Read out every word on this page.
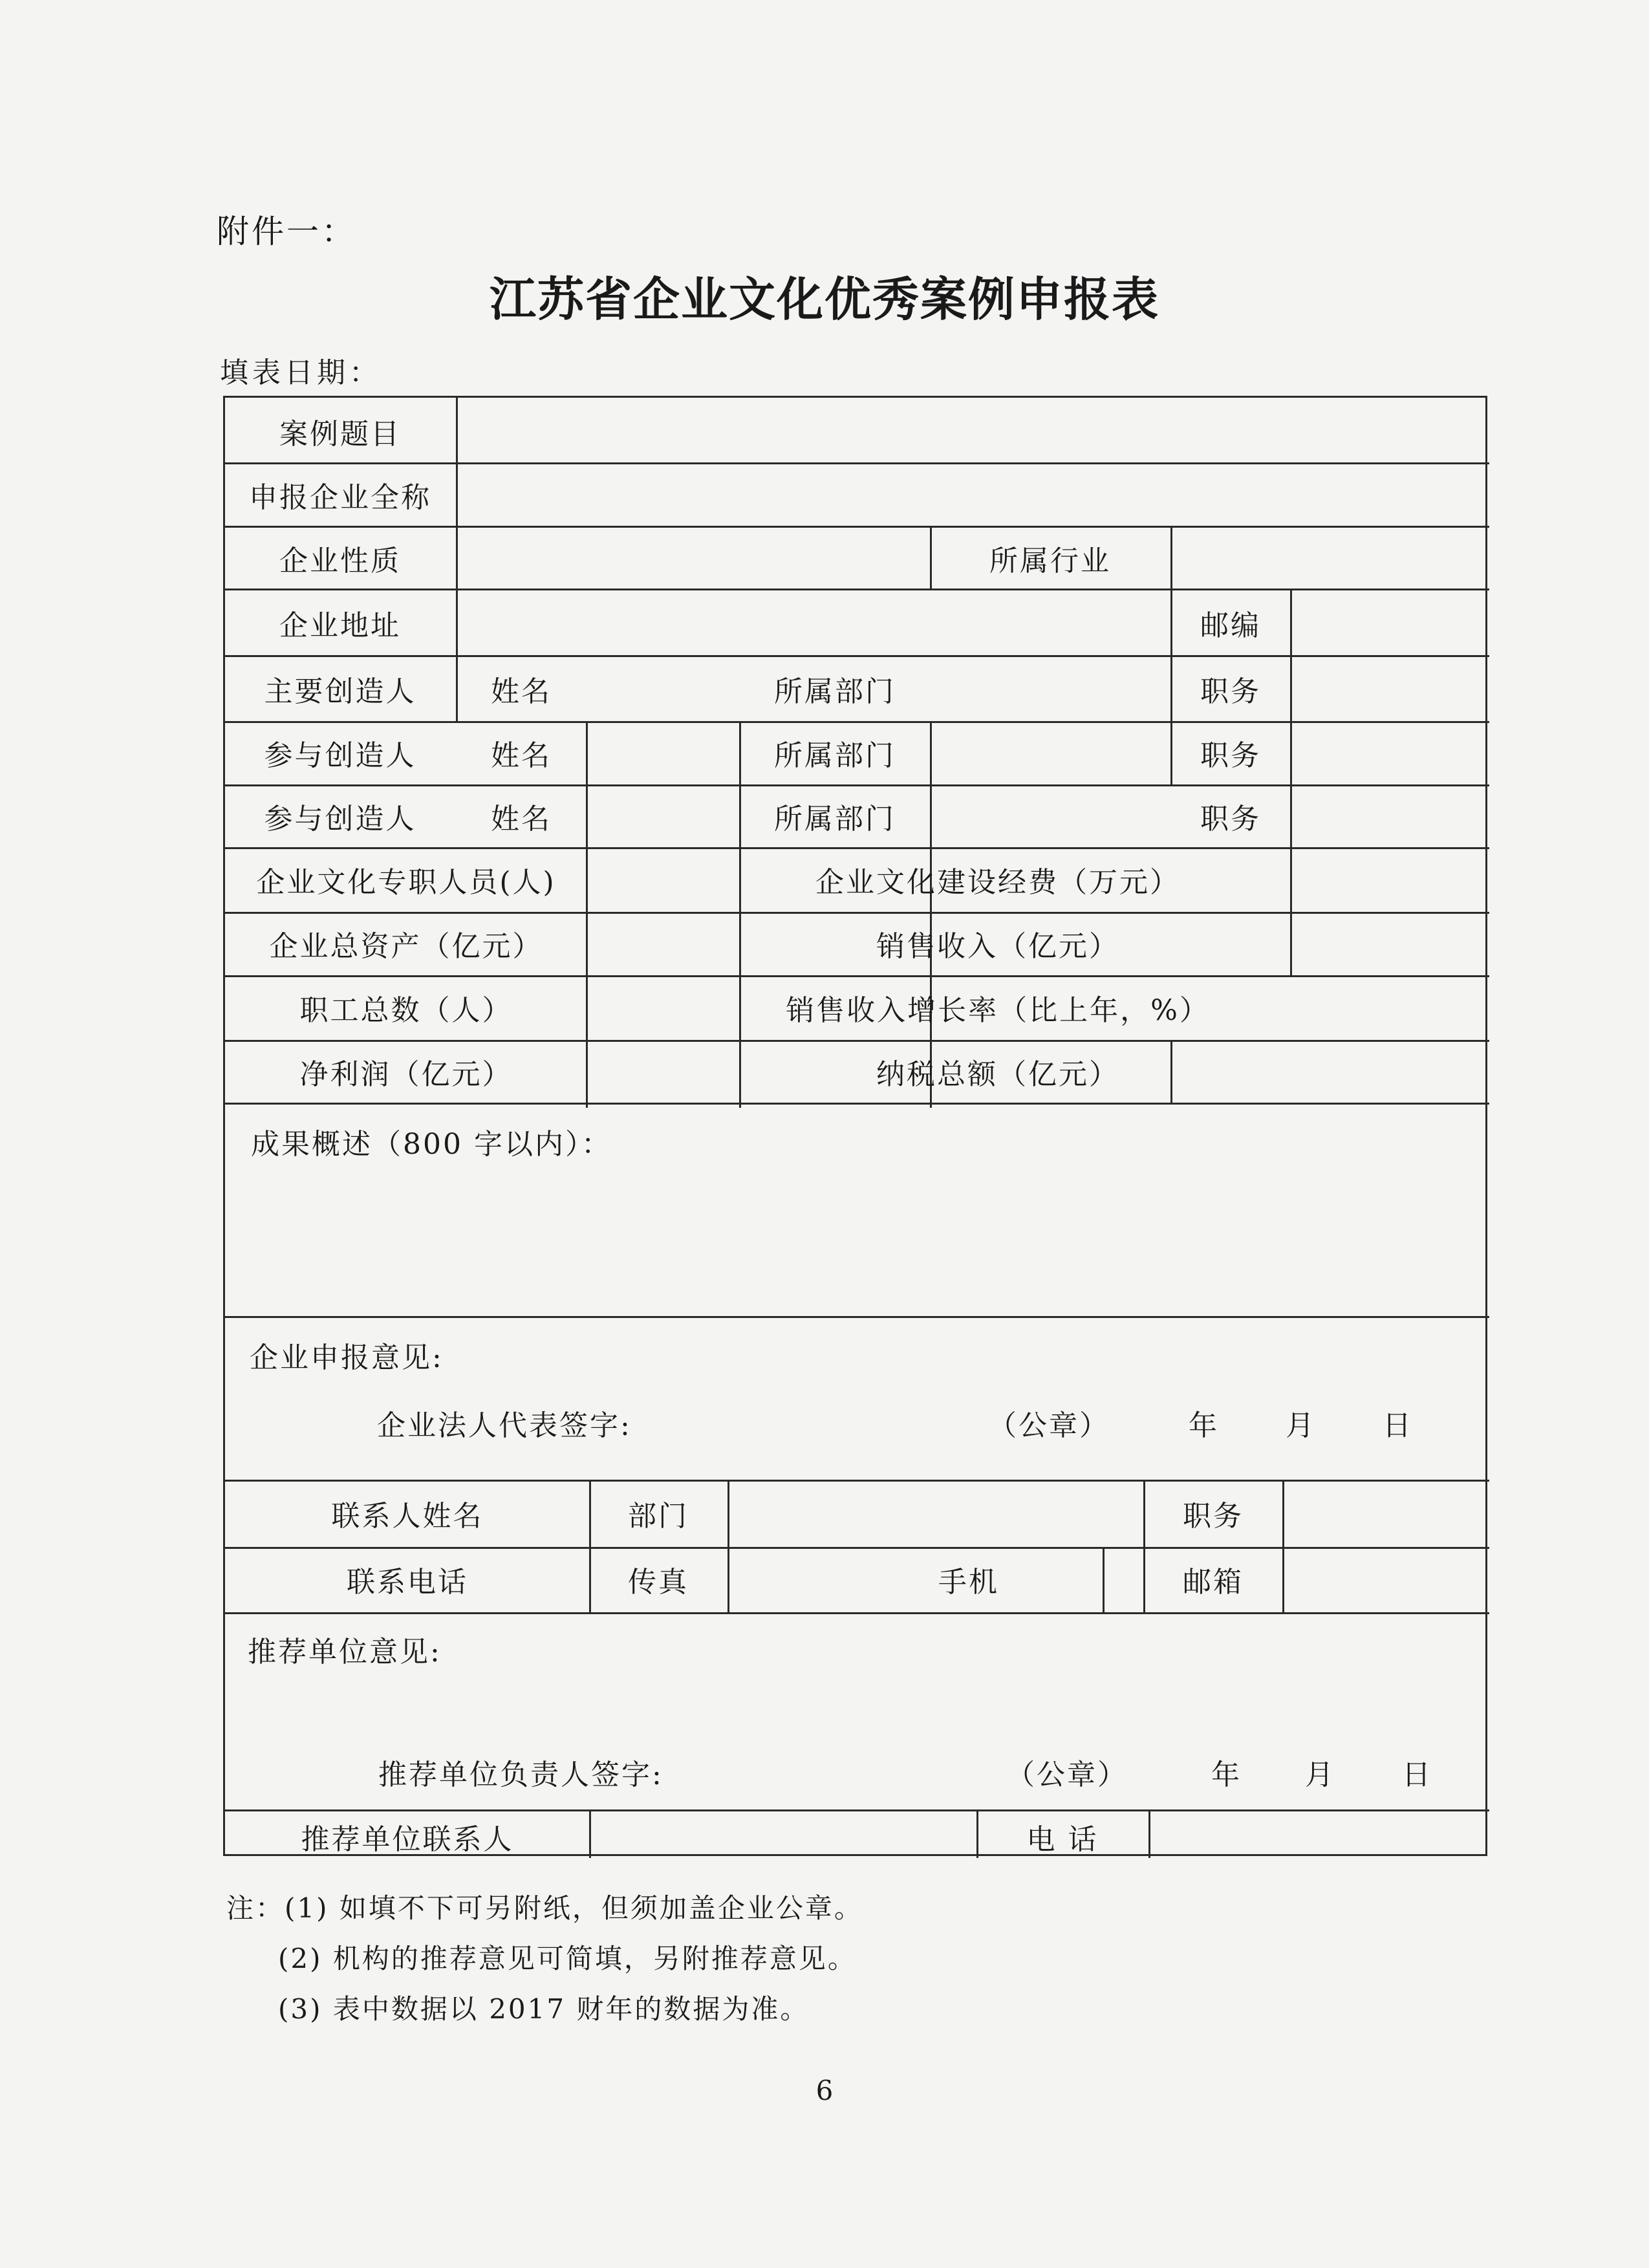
附件一：
江苏省企业文化优秀案例申报表
填表日期：
案例题目
申报企业全称
企业性质	所属行业
企业地址	邮编
主要创造人	姓名	所属部门	职务
参与创造人	姓名	所属部门	职务
参与创造人	姓名	所属部门	职务
企业文化专职人员(人)	企业文化建设经费（万元）
企业总资产（亿元）	销售收入（亿元）
职工总数（人）	销售收入增长率（比上年，%）
净利润（亿元）	纳税总额（亿元）
成果概述（800 字以内）：
企业申报意见:
企业法人代表签字:	（公章）	年 月 日
联系人姓名	部门	职务
联系电话	传真	手机	邮箱
推荐单位意见:
推荐单位负责人签字:	（公章）	年 月 日
推荐单位联系人	电 话
注：(1) 如填不下可另附纸，但须加盖企业公章。
(2) 机构的推荐意见可简填，另附推荐意见。
(3) 表中数据以 2017 财年的数据为准。
6
